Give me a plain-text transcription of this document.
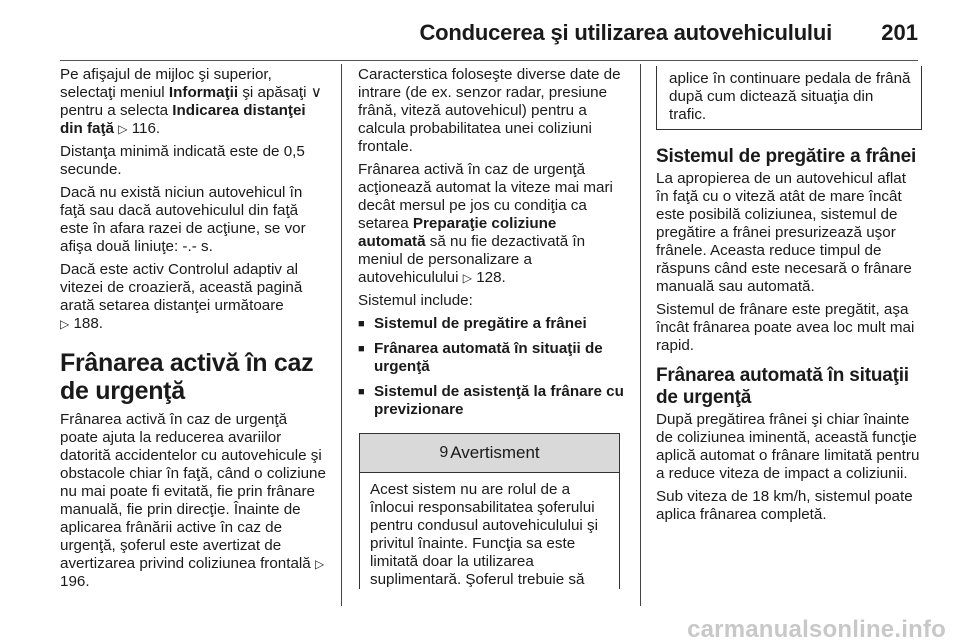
Conducerea şi utilizarea autovehiculului 201

Pe afişajul de mijloc şi superior, selectaţi meniul Informaţii şi apăsaţi ∨ pentru a selecta Indicarea distanţei din faţă ▷ 116.

Distanţa minimă indicată este de 0,5 secunde.

Dacă nu există niciun autovehicul în faţă sau dacă autovehiculul din faţă este în afara razei de acţiune, se vor afişa două liniuţe: -.- s.

Dacă este activ Controlul adaptiv al vitezei de croazieră, această pagină arată setarea distanţei următoare
▷ 188.

Frânarea activă în caz de urgenţă

Frânarea activă în caz de urgenţă poate ajuta la reducerea avariilor datorită accidentelor cu autovehicule şi obstacole chiar în faţă, când o coliziune nu mai poate fi evitată, fie prin frânare manuală, fie prin direcţie. Înainte de aplicarea frânării active în caz de urgenţă, şoferul este avertizat de avertizarea privind coliziunea frontală ▷ 196.

Caracterstica foloseşte diverse date de intrare (de ex. senzor radar, presiune frână, viteză autovehicul) pentru a calcula probabilitatea unei coliziuni frontale.

Frânarea activă în caz de urgenţă acţionează automat la viteze mai mari decât mersul pe jos cu condiţia ca setarea Preparaţie coliziune automată să nu fie dezactivată în meniul de personalizare a autovehiculului ▷ 128.

Sistemul include:

■ Sistemul de pregătire a frânei
■ Frânarea automată în situaţii de urgenţă
■ Sistemul de asistenţă la frânare cu previzionare
9 Avertisment
Acest sistem nu are rolul de a înlocui responsabilitatea şoferului pentru condusul autovehiculului şi privitul înainte. Funcţia sa este limitată doar la utilizarea suplimentară. Şoferul trebuie să
aplice în continuare pedala de frână după cum dictează situaţia din trafic.
Sistemul de pregătire a frânei

La apropierea de un autovehicul aflat în faţă cu o viteză atât de mare încât este posibilă coliziunea, sistemul de pregătire a frânei presurizează uşor frânele. Aceasta reduce timpul de răspuns când este necesară o frânare manuală sau automată.

Sistemul de frânare este pregătit, aşa încât frânarea poate avea loc mult mai rapid.

Frânarea automată în situaţii de urgenţă

După pregătirea frânei şi chiar înainte de coliziunea iminentă, această funcţie aplică automat o frânare limitată pentru a reduce viteza de impact a coliziunii.

Sub viteza de 18 km/h, sistemul poate aplica frânarea completă.

carmanualsonline.info
